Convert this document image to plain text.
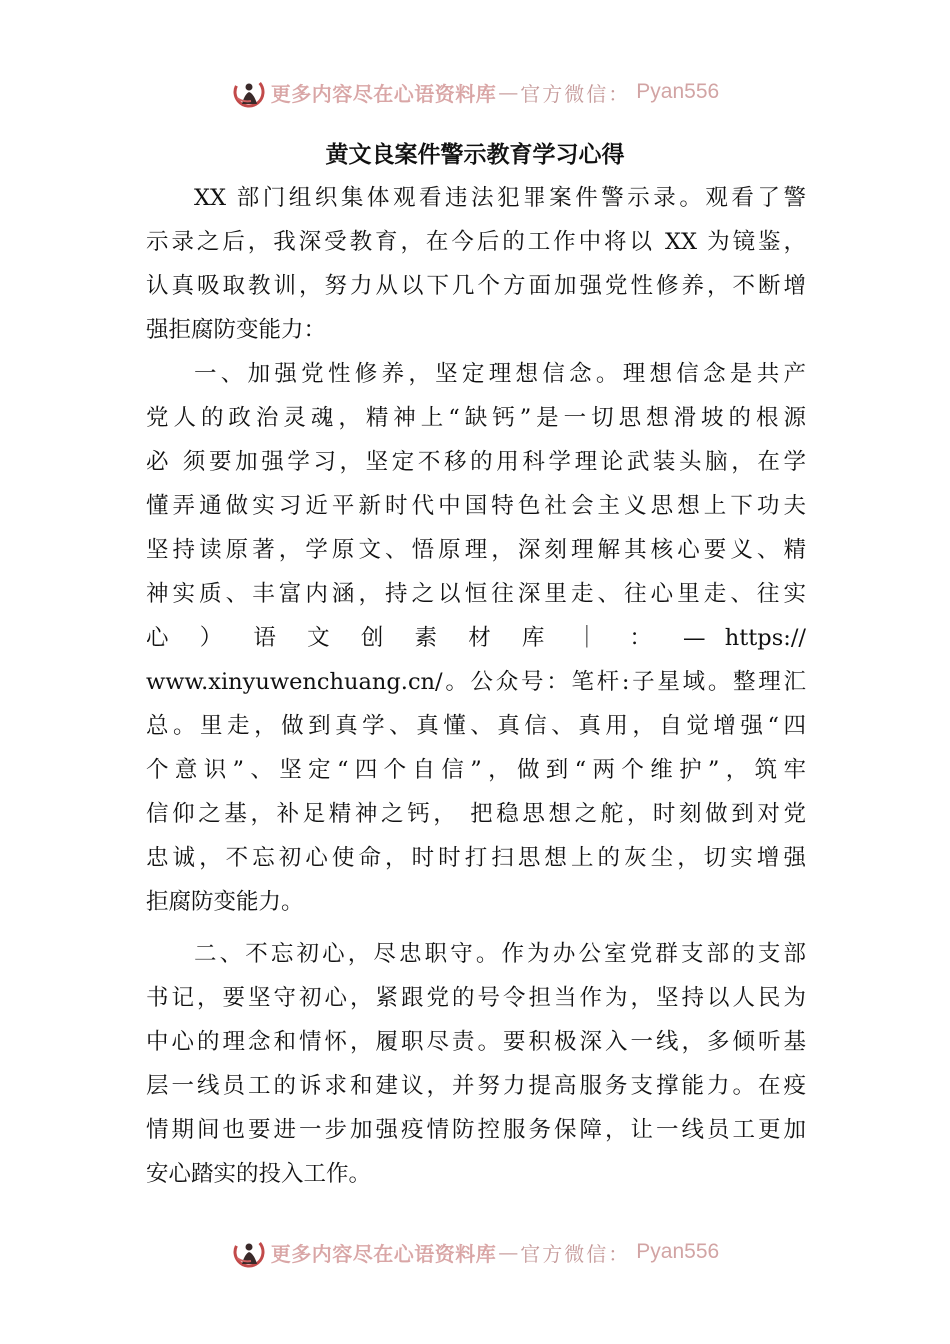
更多内容尽在心语资料库 — 官方微信： Pyan556
黄文良案件警示教育学习心得
XX 部门组织集体观看违法犯罪案件警示录。观看了警
示录之后，我深受教育，在今后的工作中将以 XX 为镜鉴，
认真吸取教训，努力从以下几个方面加强党性修养，不断增
强拒腐防变能力：
一、加强党性修养，坚定理想信念。理想信念是共产
党人的政治灵魂，精神上“缺钙”是一切思想滑坡的根源
必 须要加强学习，坚定不移的用科学理论武装头脑，在学
懂弄通做实习近平新时代中国特色社会主义思想上下功夫
坚持读原著，学原文、悟原理，深刻理解其核心要义、精
神实质、丰富内涵，持之以恒往深里走、往心里走、往实
心 ） 语 文 创 素 材 库 ｜ ： — https://
www.xinyuwenchuang.cn/。公众号：笔杆:子星域。整理汇
总。里走，做到真学、真懂、真信、真用，自觉增强“四
个意识”、坚定“四个自信”，做到“两个维护”，筑牢
信仰之基，补足精神之钙， 把稳思想之舵，时刻做到对党
忠诚，不忘初心使命，时时打扫思想上的灰尘，切实增强
拒腐防变能力。
二、不忘初心，尽忠职守。作为办公室党群支部的支部
书记，要坚守初心，紧跟党的号令担当作为，坚持以人民为
中心的理念和情怀，履职尽责。要积极深入一线，多倾听基
层一线员工的诉求和建议，并努力提高服务支撑能力。在疫
情期间也要进一步加强疫情防控服务保障，让一线员工更加
安心踏实的投入工作。
更多内容尽在心语资料库 — 官方微信： Pyan556
